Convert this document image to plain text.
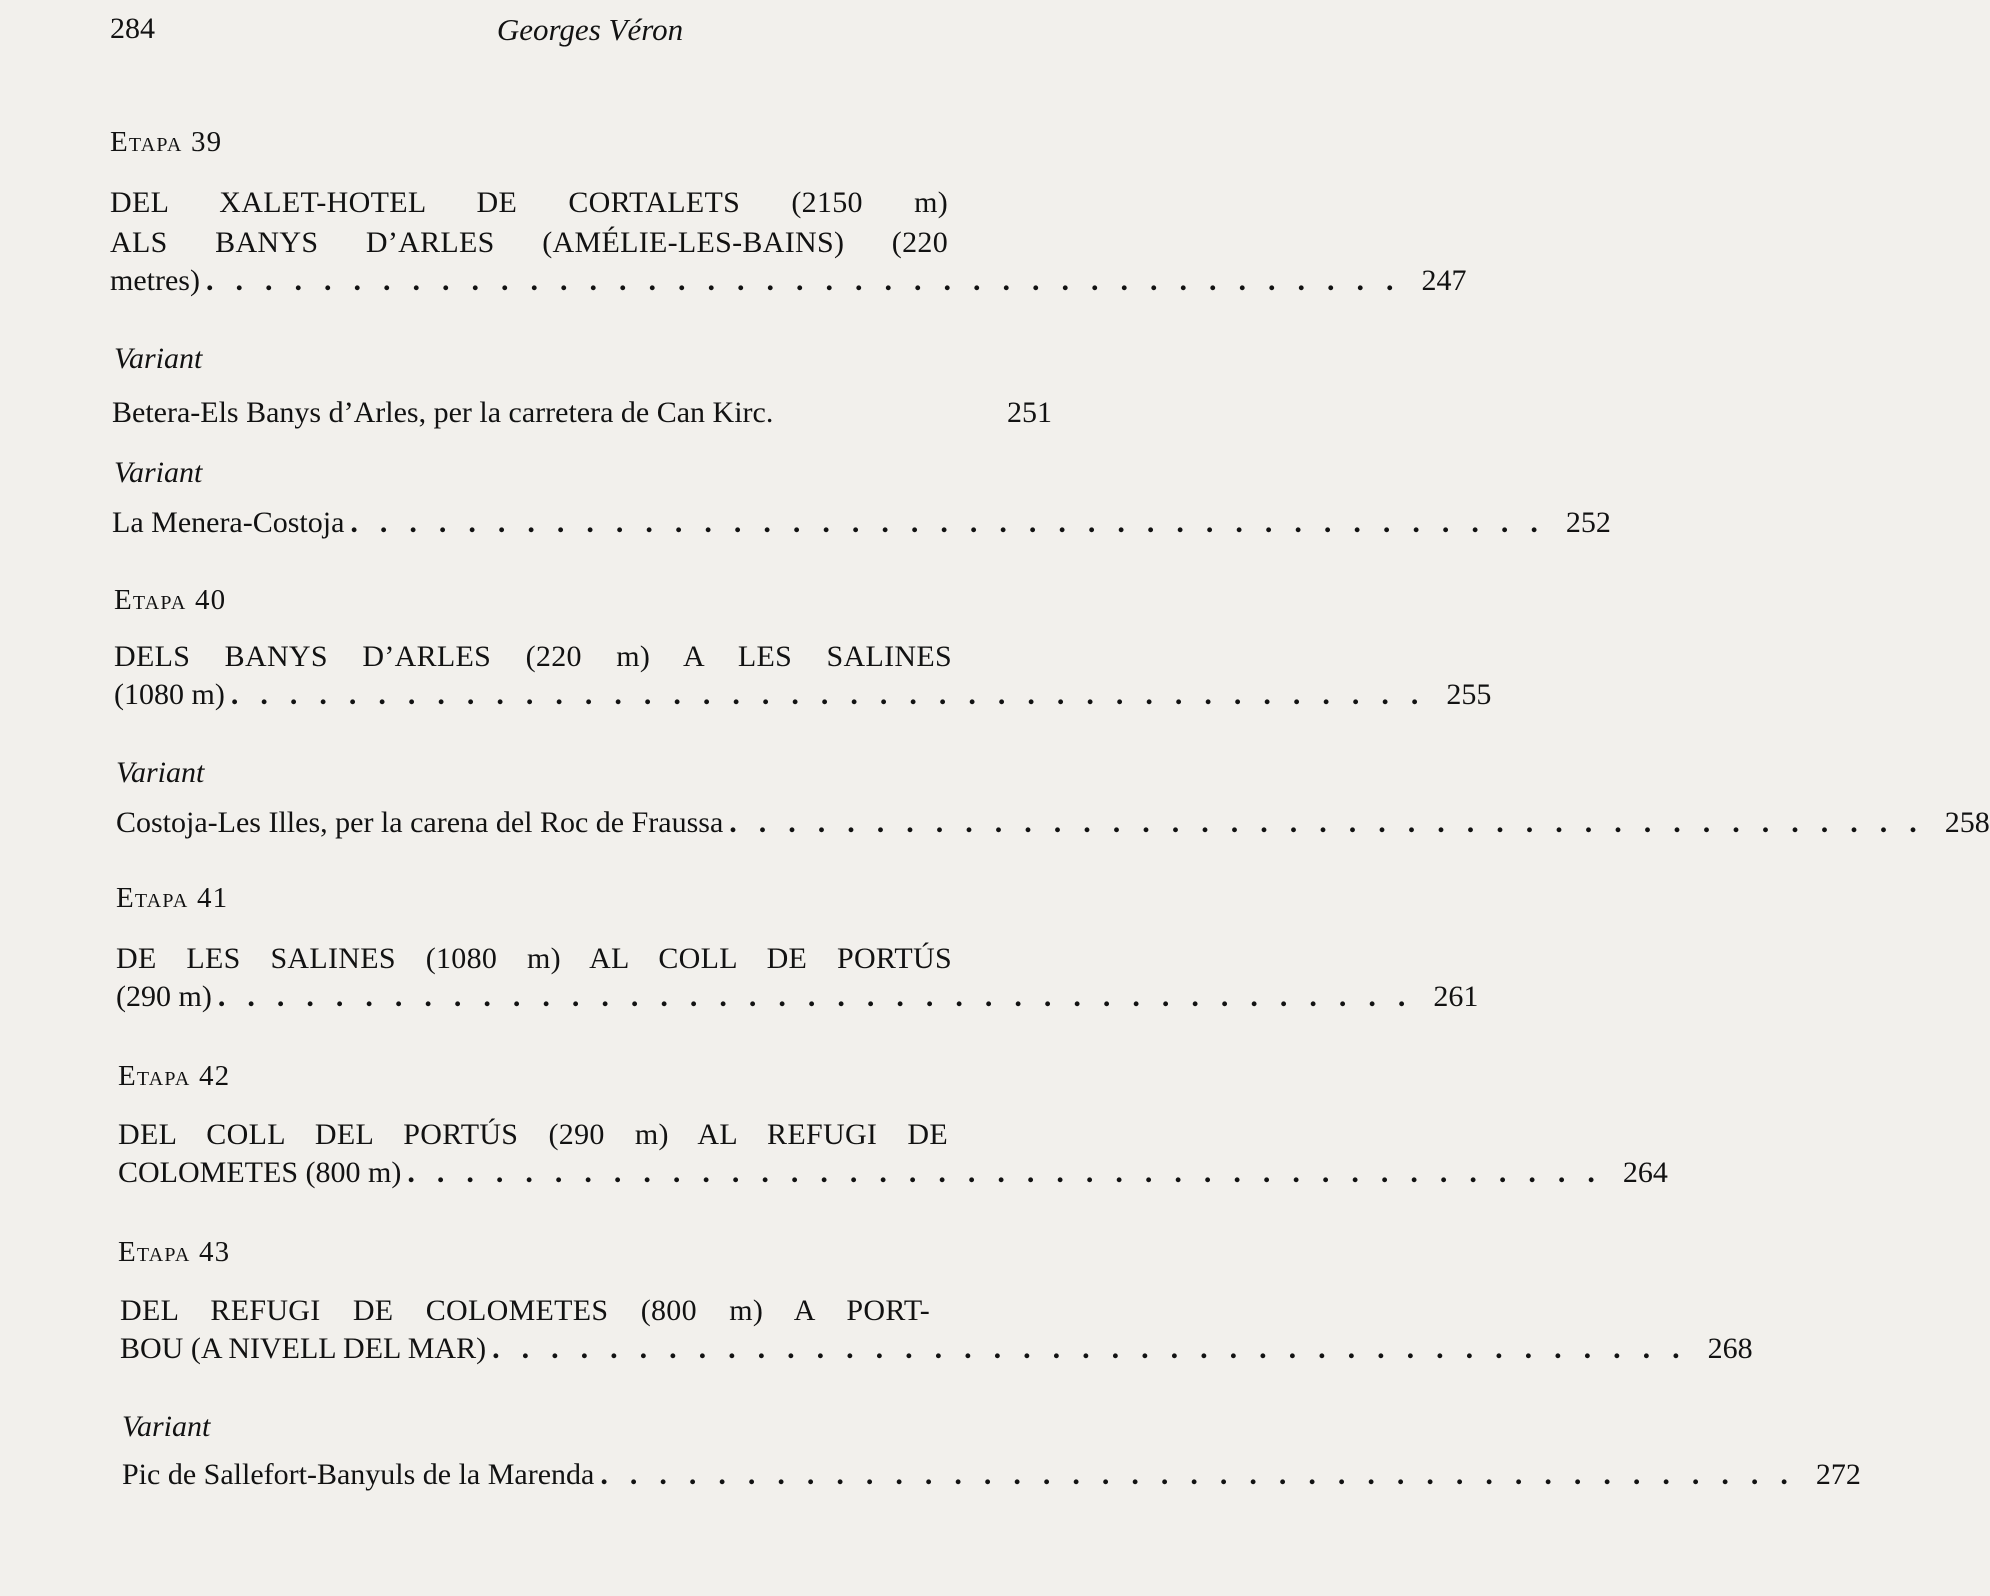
284	Georges Véron
Etapa 39
DEL XALET-HOTEL DE CORTALETS (2150 m)
ALS BANYS D’ARLES (AMÉLIE-LES-BAINS) (220
metres) ......................................... 247
Variant
Betera-Els Banys d’Arles, per la carretera de Can Kirc.	251
Variant
La Menera-Costoja ......................................... 252
Etapa 40
DELS BANYS D’ARLES (220 m) A LES SALINES
(1080 m) ......................................... 255
Variant
Costoja-Les Illes, per la carena del Roc de Fraussa ......................................... 258
Etapa 41
DE LES SALINES (1080 m) AL COLL DE PORTÚS
(290 m) ......................................... 261
Etapa 42
DEL COLL DEL PORTÚS (290 m) AL REFUGI DE
COLOMETES (800 m) ......................................... 264
Etapa 43
DEL REFUGI DE COLOMETES (800 m) A PORT-
BOU (A NIVELL DEL MAR) ......................................... 268
Variant
Pic de Sallefort-Banyuls de la Marenda ......................................... 272
